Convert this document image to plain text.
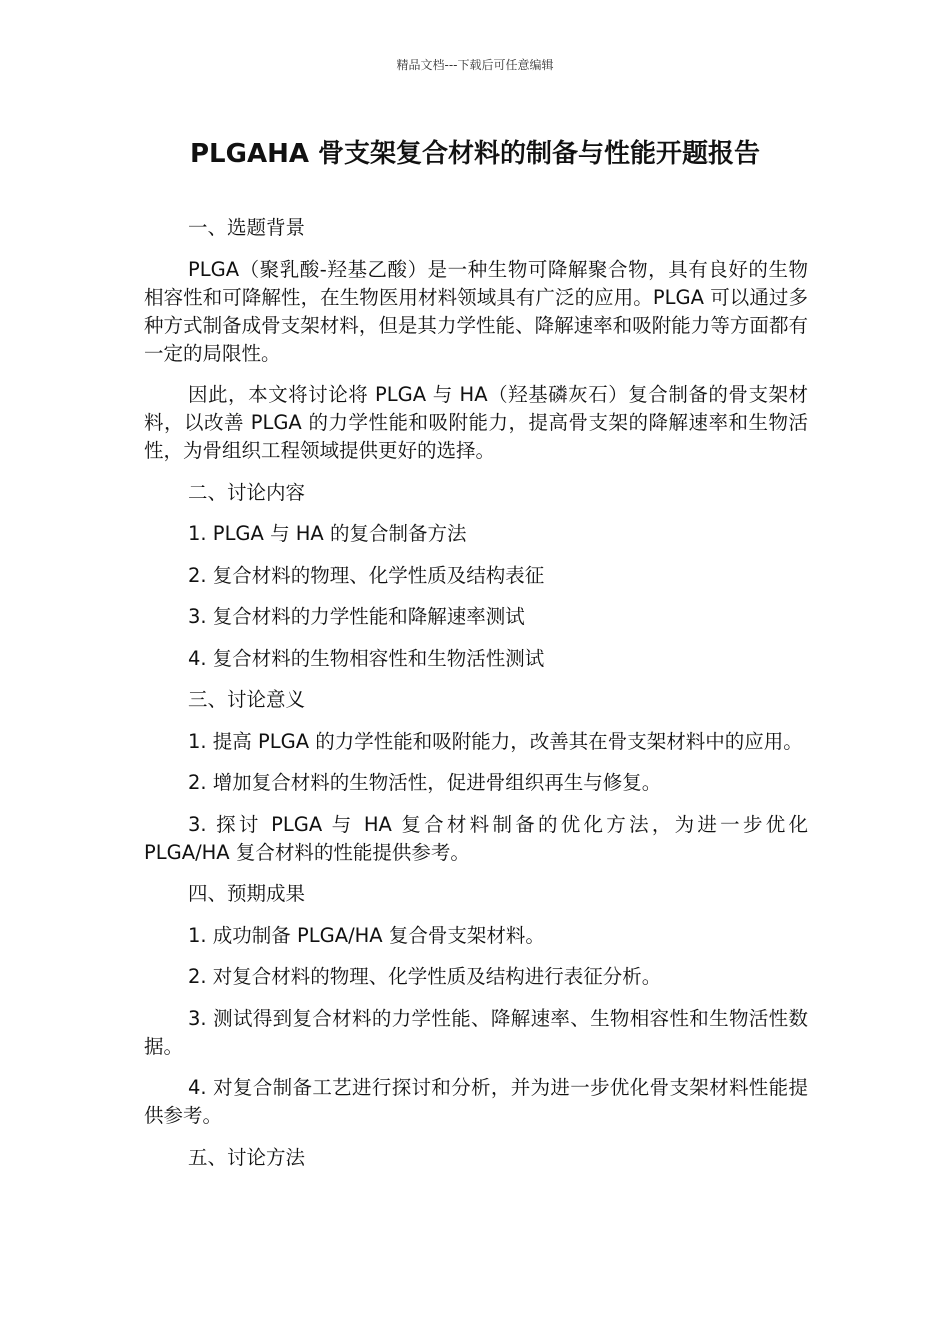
精品文档---下载后可任意编辑
PLGAHA 骨支架复合材料的制备与性能开题报告

一、选题背景

PLGA（聚乳酸-羟基乙酸）是一种生物可降解聚合物，具有良好的生物相容性和可降解性，在生物医用材料领域具有广泛的应用。PLGA 可以通过多种方式制备成骨支架材料，但是其力学性能、降解速率和吸附能力等方面都有一定的局限性。

因此，本文将讨论将 PLGA 与 HA（羟基磷灰石）复合制备的骨支架材料，以改善 PLGA 的力学性能和吸附能力，提高骨支架的降解速率和生物活性，为骨组织工程领域提供更好的选择。

二、讨论内容

1. PLGA 与 HA 的复合制备方法

2. 复合材料的物理、化学性质及结构表征

3. 复合材料的力学性能和降解速率测试

4. 复合材料的生物相容性和生物活性测试

三、讨论意义

1. 提高 PLGA 的力学性能和吸附能力，改善其在骨支架材料中的应用。

2. 增加复合材料的生物活性，促进骨组织再生与修复。

3. 探讨 PLGA 与 HA 复合材料制备的优化方法，为进一步优化 PLGA/HA 复合材料的性能提供参考。

四、预期成果

1. 成功制备 PLGA/HA 复合骨支架材料。

2. 对复合材料的物理、化学性质及结构进行表征分析。

3. 测试得到复合材料的力学性能、降解速率、生物相容性和生物活性数据。

4. 对复合制备工艺进行探讨和分析，并为进一步优化骨支架材料性能提供参考。

五、讨论方法
